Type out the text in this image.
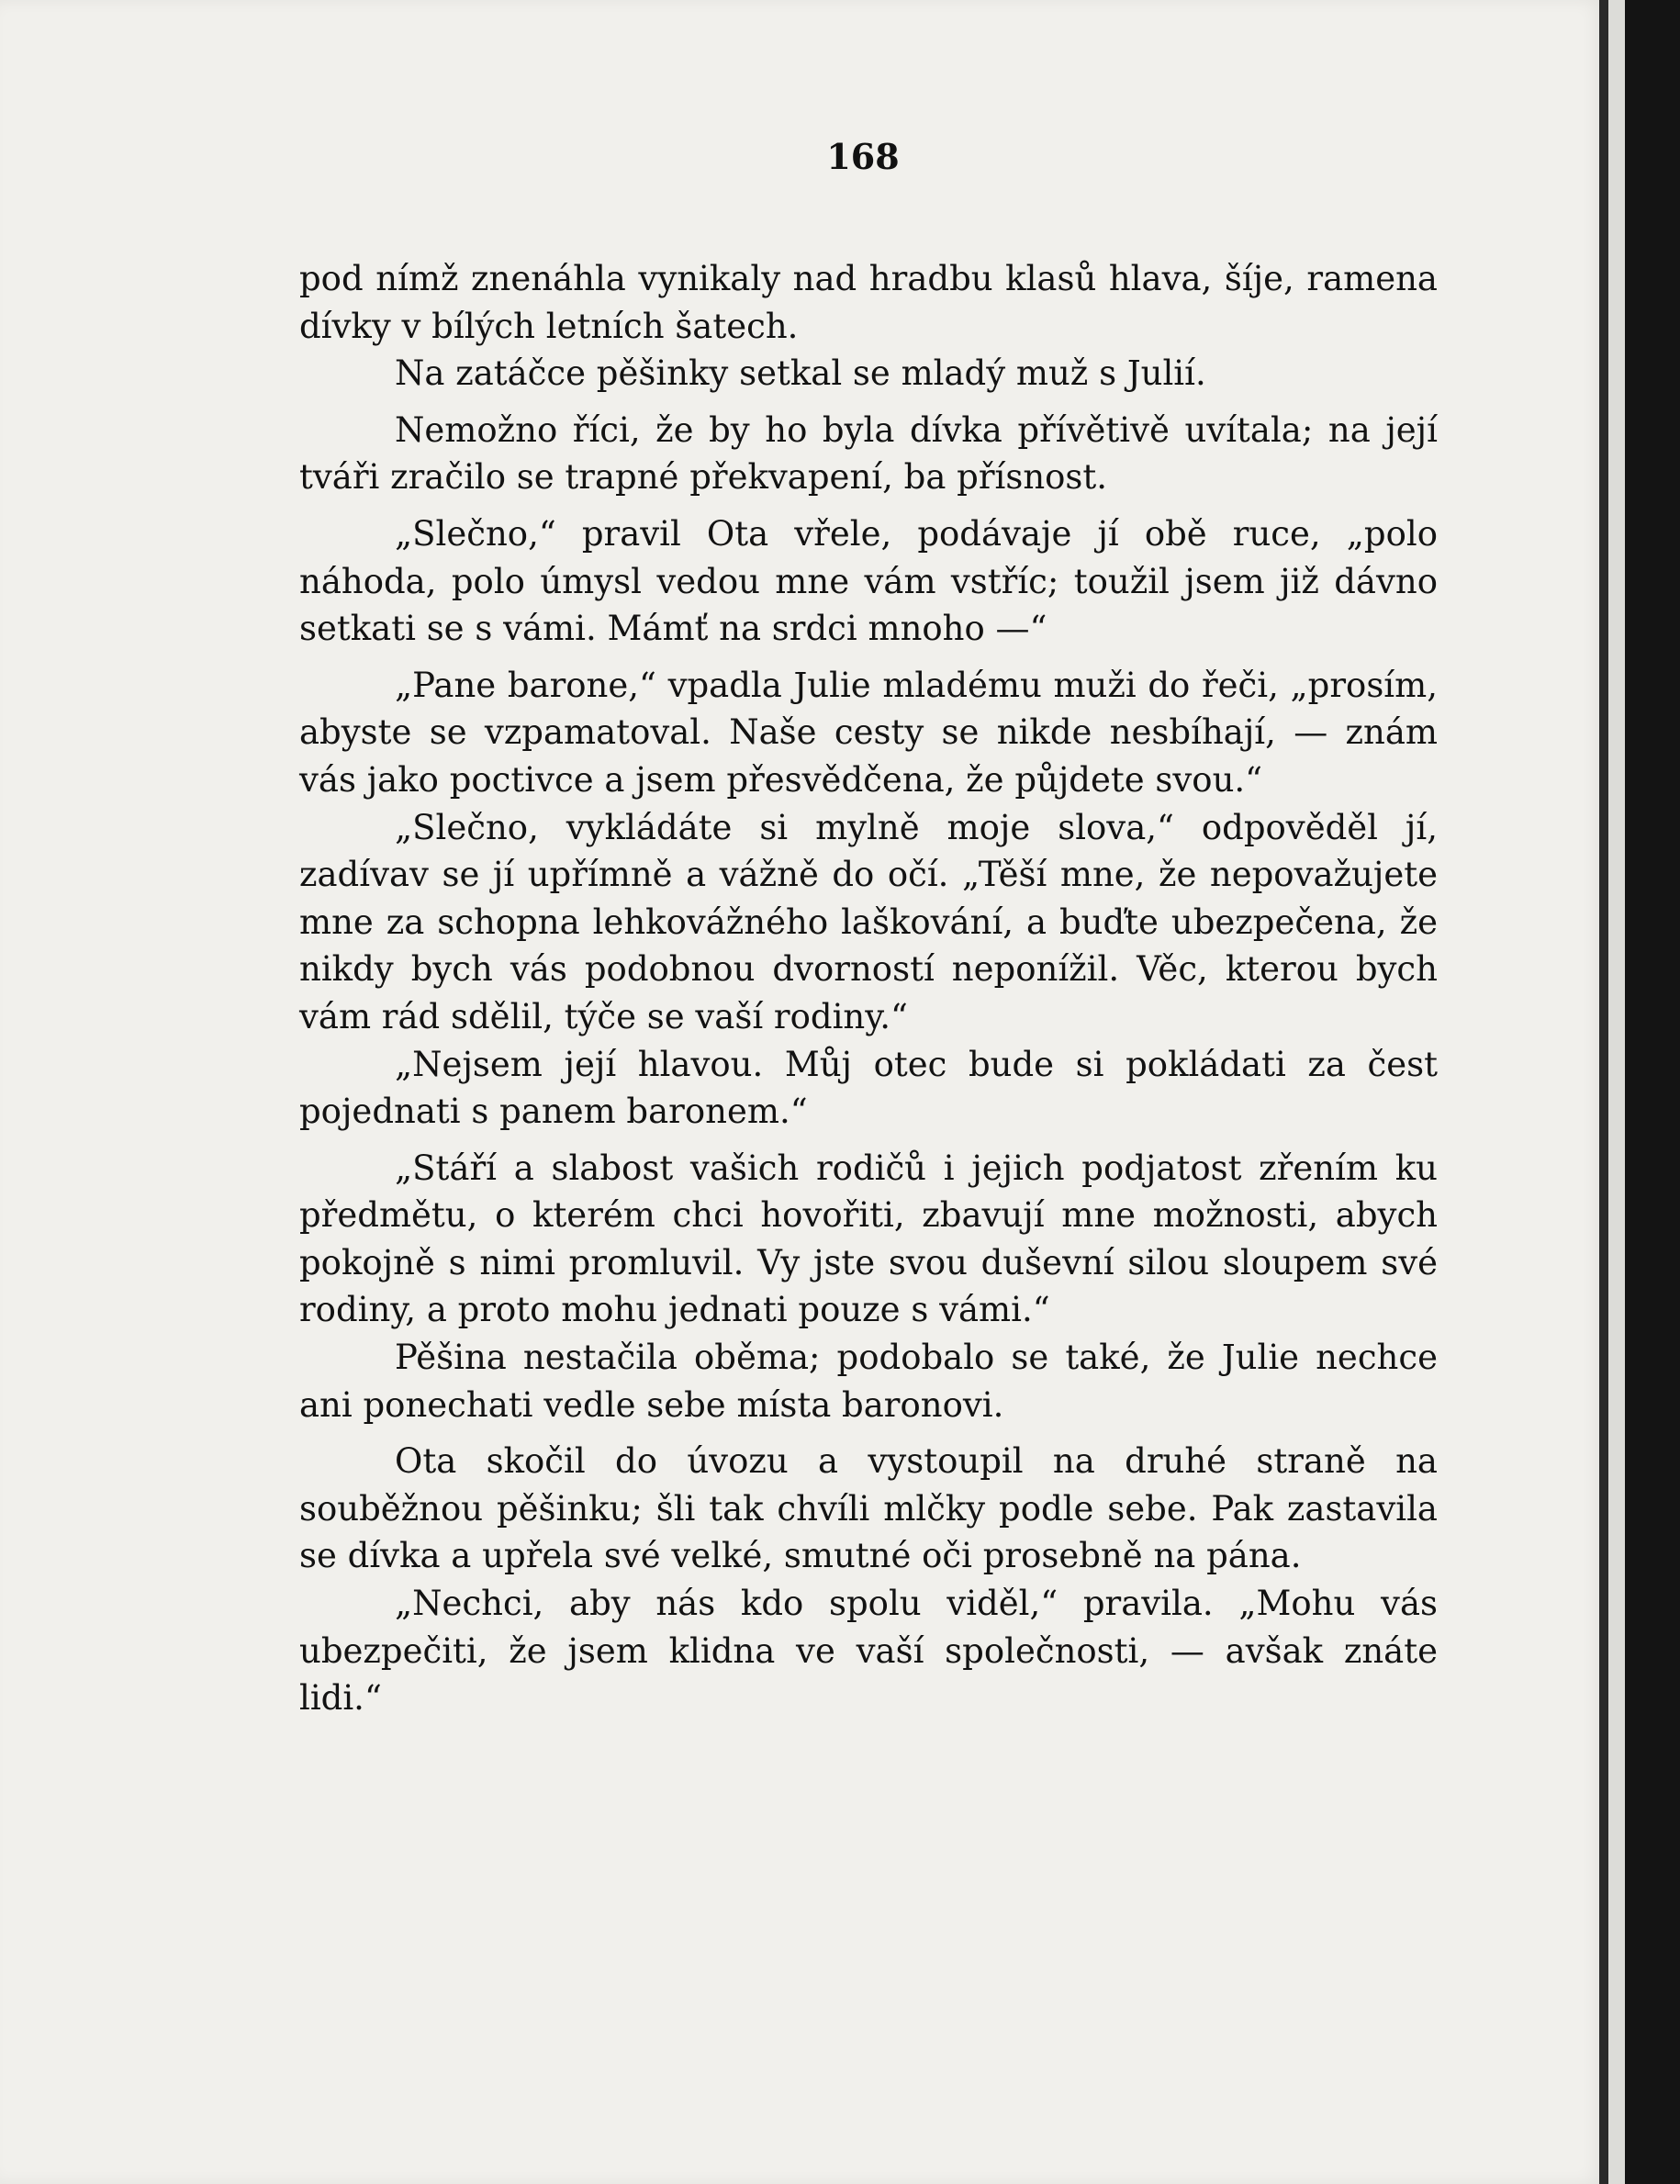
168

pod nímž znenáhla vynikaly nad hradbu klasů hlava, šíje, ramena dívky v bílých letních šatech.

Na zatáčce pěšinky setkal se mladý muž s Julií.

Nemožno říci, že by ho byla dívka přívětivě uvítala; na její tváři zračilo se trapné překvapení, ba přísnost.

„Slečno,“ pravil Ota vřele, podávaje jí obě ruce, „polo náhoda, polo úmysl vedou mne vám vstříc; toužil jsem již dávno setkati se s vámi. Mámť na srdci mnoho —“

„Pane barone,“ vpadla Julie mladému muži do řeči, „prosím, abyste se vzpamatoval. Naše cesty se nikde nesbíhají, — znám vás jako poctivce a jsem přesvědčena, že půjdete svou.“

„Slečno, vykládáte si mylně moje slova,“ odpověděl jí, zadívav se jí upřímně a vážně do očí. „Těší mne, že nepovažujete mne za schopna lehkovážného laškování, a buďte ubezpečena, že nikdy bych vás podobnou dvorností neponížil. Věc, kterou bych vám rád sdělil, týče se vaší rodiny.“

„Nejsem její hlavou. Můj otec bude si pokládati za čest pojednati s panem baronem.“

„Stáří a slabost vašich rodičů i jejich podjatost zřením ku předmětu, o kterém chci hovořiti, zbavují mne možnosti, abych pokojně s nimi promluvil. Vy jste svou duševní silou sloupem své rodiny, a proto mohu jednati pouze s vámi.“

Pěšina nestačila oběma; podobalo se také, že Julie nechce ani ponechati vedle sebe místa baronovi.

Ota skočil do úvozu a vystoupil na druhé straně na souběžnou pěšinku; šli tak chvíli mlčky podle sebe. Pak zastavila se dívka a upřela své velké, smutné oči prosebně na pána.

„Nechci, aby nás kdo spolu viděl,“ pravila. „Mohu vás ubezpečiti, že jsem klidna ve vaší společnosti, — avšak znáte lidi.“
